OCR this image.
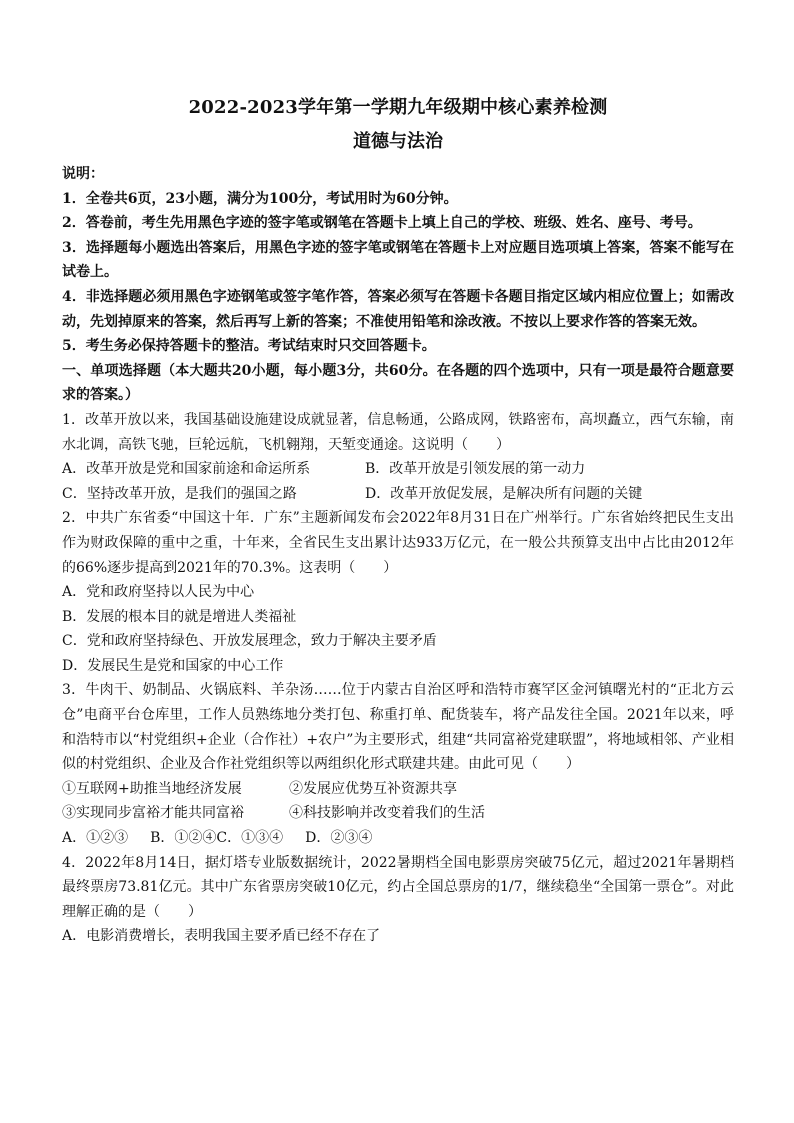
2022-2023学年第一学期九年级期中核心素养检测
道德与法治

说明：

1．全卷共6页，23小题，满分为100分，考试用时为60分钟。

2．答卷前，考生先用黑色字迹的签字笔或钢笔在答题卡上填上自己的学校、班级、姓名、座号、考号。

3．选择题每小题选出答案后，用黑色字迹的签字笔或钢笔在答题卡上对应题目选项填上答案，答案不能写在试卷上。

4．非选择题必须用黑色字迹钢笔或签字笔作答，答案必须写在答题卡各题目指定区域内相应位置上；如需改动，先划掉原来的答案，然后再写上新的答案；不准使用铅笔和涂改液。不按以上要求作答的答案无效。

5．考生务必保持答题卡的整洁。考试结束时只交回答题卡。

一、单项选择题（本大题共20小题，每小题3分，共60分。在各题的四个选项中，只有一项是最符合题意要求的答案。）

1．改革开放以来，我国基础设施建设成就显著，信息畅通，公路成网，铁路密布，高坝矗立，西气东输，南水北调，高铁飞驰，巨轮远航，飞机翱翔，天堑变通途。这说明（　　）

A．改革开放是党和国家前途和命运所系	B．改革开放是引领发展的第一动力
C．坚持改革开放，是我们的强国之路	D．改革开放促发展，是解决所有问题的关键

2．中共广东省委“中国这十年．广东”主题新闻发布会2022年8月31日在广州举行。广东省始终把民生支出作为财政保障的重中之重，十年来，全省民生支出累计达933万亿元，在一般公共预算支出中占比由2012年的66%逐步提高到2021年的70.3%。这表明（　　）

A．党和政府坚持以人民为中心

B．发展的根本目的就是增进人类福祉

C．党和政府坚持绿色、开放发展理念，致力于解决主要矛盾

D．发展民生是党和国家的中心工作

3．牛肉干、奶制品、火锅底料、羊杂汤……位于内蒙古自治区呼和浩特市赛罕区金河镇曙光村的“正北方云仓”电商平台仓库里，工作人员熟练地分类打包、称重打单、配货装车，将产品发往全国。2021年以来，呼和浩特市以“村党组织+企业（合作社）+农户”为主要形式，组建“共同富裕党建联盟”，将地域相邻、产业相似的村党组织、企业及合作社党组织等以两组织化形式联建共建。由此可见（　　）

①互联网+助推当地经济发展	②发展应优势互补资源共享
③实现同步富裕才能共同富裕	④科技影响并改变着我们的生活

A．①②③ B．①②④C．①③④ D．②③④

4．2022年8月14日，据灯塔专业版数据统计，2022暑期档全国电影票房突破75亿元，超过2021年暑期档最终票房73.81亿元。其中广东省票房突破10亿元，约占全国总票房的1/7，继续稳坐“全国第一票仓”。对此理解正确的是（　　）

A．电影消费增长，表明我国主要矛盾已经不存在了
